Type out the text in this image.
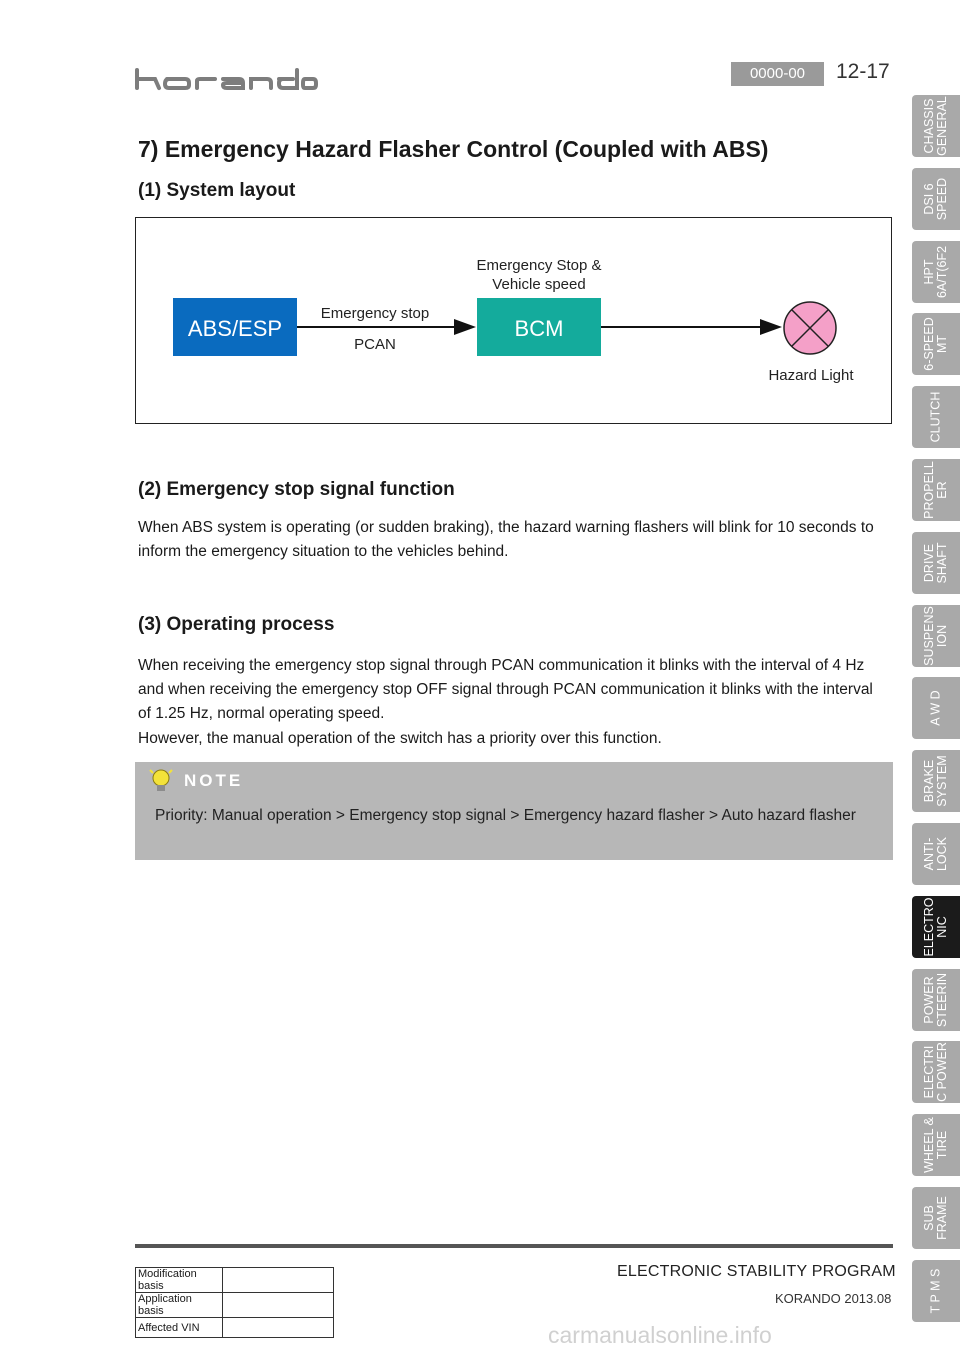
0000-00	12-17
7) Emergency Hazard Flasher Control (Coupled with ABS)
(1) System layout
ABS/ESP
Emergency stop
PCAN
BCM
Emergency Stop &
Vehicle speed
Hazard Light
(2) Emergency stop signal function

When ABS system is operating (or sudden braking), the hazard warning flashers will blink for 10 seconds to inform the emergency situation to the vehicles behind.

(3) Operating process

When receiving the emergency stop signal through PCAN communication it blinks with the interval of 4 Hz and when receiving the emergency stop OFF signal through PCAN communication it blinks with the interval of 1.25 Hz, normal operating speed.

However, the manual operation of the switch has a priority over this function.

NOTE
Priority: Manual operation > Emergency stop signal > Emergency hazard flasher > Auto hazard flasher
Modification basis	
Application basis	
Affected VIN	
ELECTRONIC STABILITY PROGRAM
KORANDO 2013.08
carmanualsonline.info
CHASSIS
GENERAL
DSI 6
SPEED
HPT
6A/T(6F2
6-SPEED
MT
CLUTCH
PROPELL
ER
DRIVE
SHAFT
SUSPENS
ION
A W D
BRAKE
SYSTEM
ANTI-
LOCK
ELECTRO
NIC
POWER
STEERIN
ELECTRI
C POWER
WHEEL &
TIRE
SUB
FRAME
T P M S
